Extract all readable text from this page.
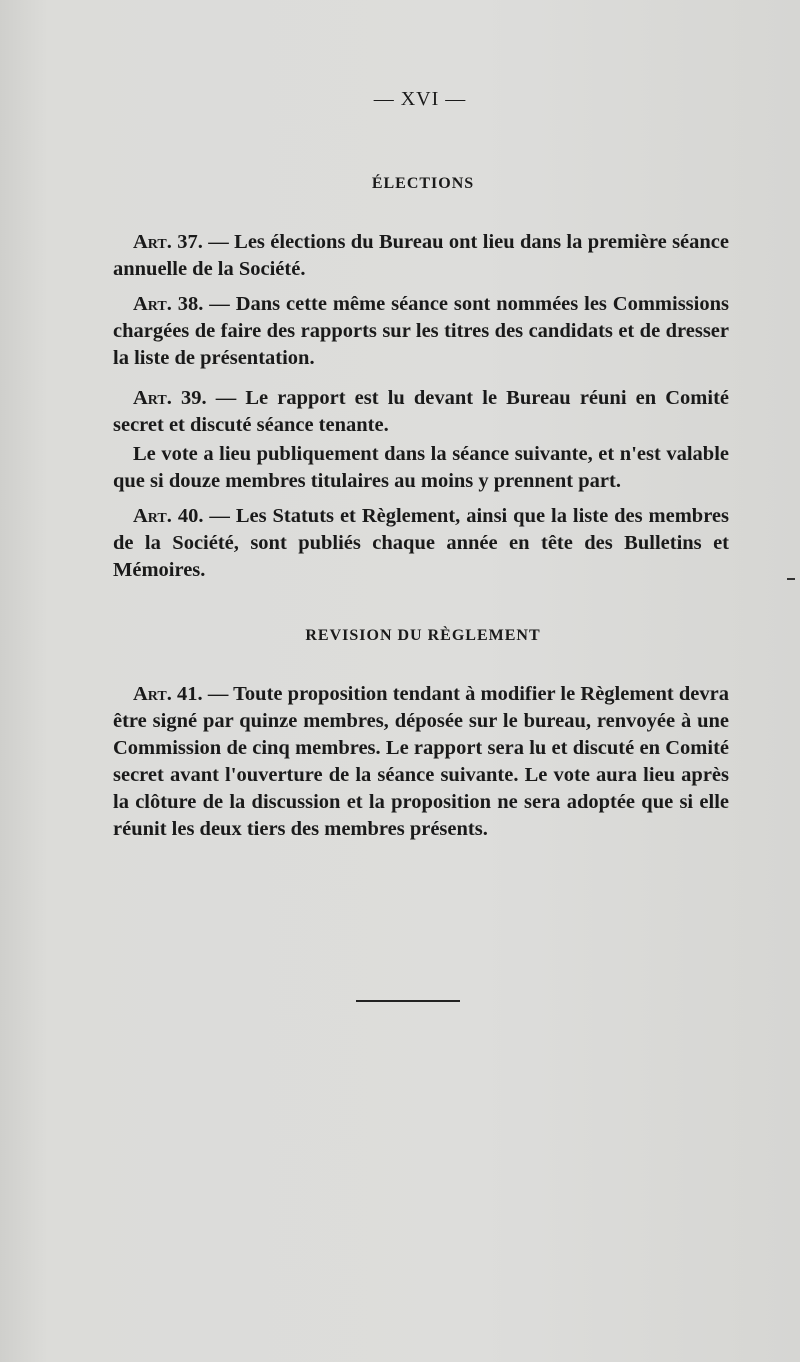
— XVI —
ÉLECTIONS
Art. 37. — Les élections du Bureau ont lieu dans la première séance annuelle de la Société.
Art. 38. — Dans cette même séance sont nommées les Commissions chargées de faire des rapports sur les titres des candidats et de dresser la liste de présentation.
Art. 39. — Le rapport est lu devant le Bureau réuni en Comité secret et discuté séance tenante.
Le vote a lieu publiquement dans la séance suivante, et n'est valable que si douze membres titulaires au moins y prennent part.
Art. 40. — Les Statuts et Règlement, ainsi que la liste des membres de la Société, sont publiés chaque année en tête des Bulletins et Mémoires.
REVISION DU RÈGLEMENT
Art. 41. — Toute proposition tendant à modifier le Règlement devra être signé par quinze membres, déposée sur le bureau, renvoyée à une Commission de cinq membres. Le rapport sera lu et discuté en Comité secret avant l'ouverture de la séance suivante. Le vote aura lieu après la clôture de la discussion et la proposition ne sera adoptée que si elle réunit les deux tiers des membres présents.
